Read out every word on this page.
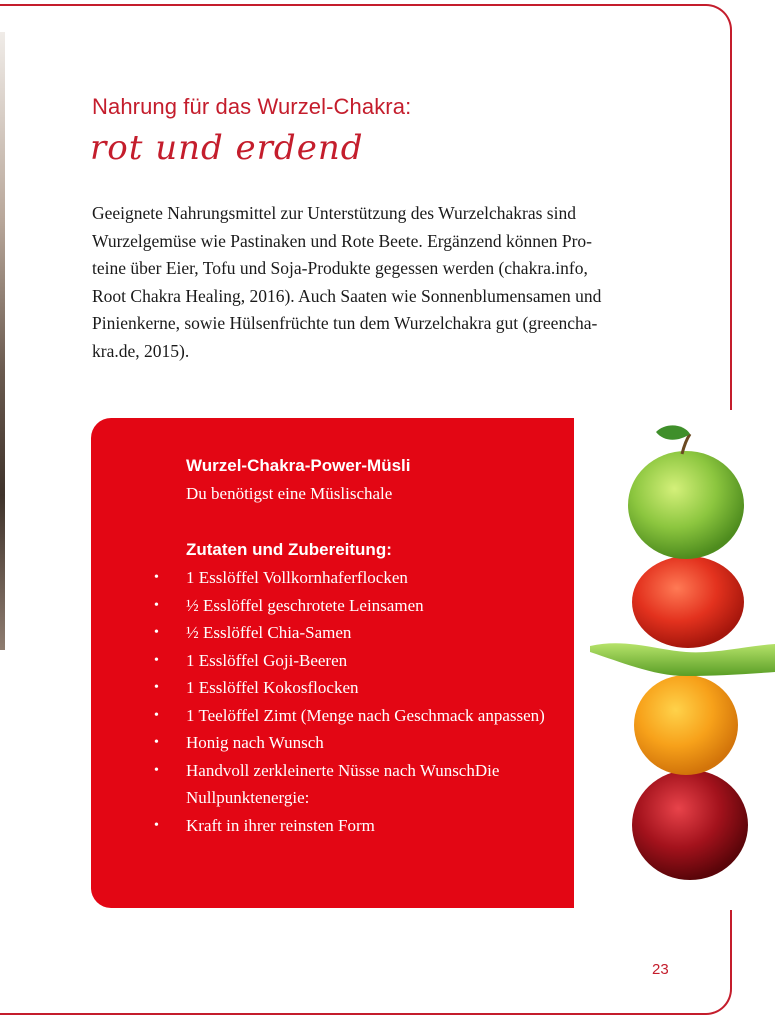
Nahrung für das Wurzel-Chakra:
rot und erdend

Geeignete Nahrungsmittel zur Unterstützung des Wurzelchakras sind
Wurzelgemüse wie Pastinaken und Rote Beete. Ergänzend können Pro-
teine über Eier, Tofu und Soja-Produkte gegessen werden (chakra.info,
Root Chakra Healing, 2016). Auch Saaten wie Sonnenblumensamen und
Pinienkerne, sowie Hülsenfrüchte tun dem Wurzelchakra gut (greencha-
kra.de, 2015).

Wurzel-Chakra-Power-Müsli
Du benötigst eine Müslischale
Zutaten und Zubereitung:
• 1 Esslöffel Vollkornhaferflocken
• ½ Esslöffel geschrotete Leinsamen
• ½ Esslöffel Chia-Samen
• 1 Esslöffel Goji-Beeren
• 1 Esslöffel Kokosflocken
• 1 Teelöffel Zimt (Menge nach Geschmack anpassen)
• Honig nach Wunsch
• Handvoll zerkleinerte Nüsse nach WunschDie Nullpunktenergie:
• Kraft in ihrer reinsten Form
23
